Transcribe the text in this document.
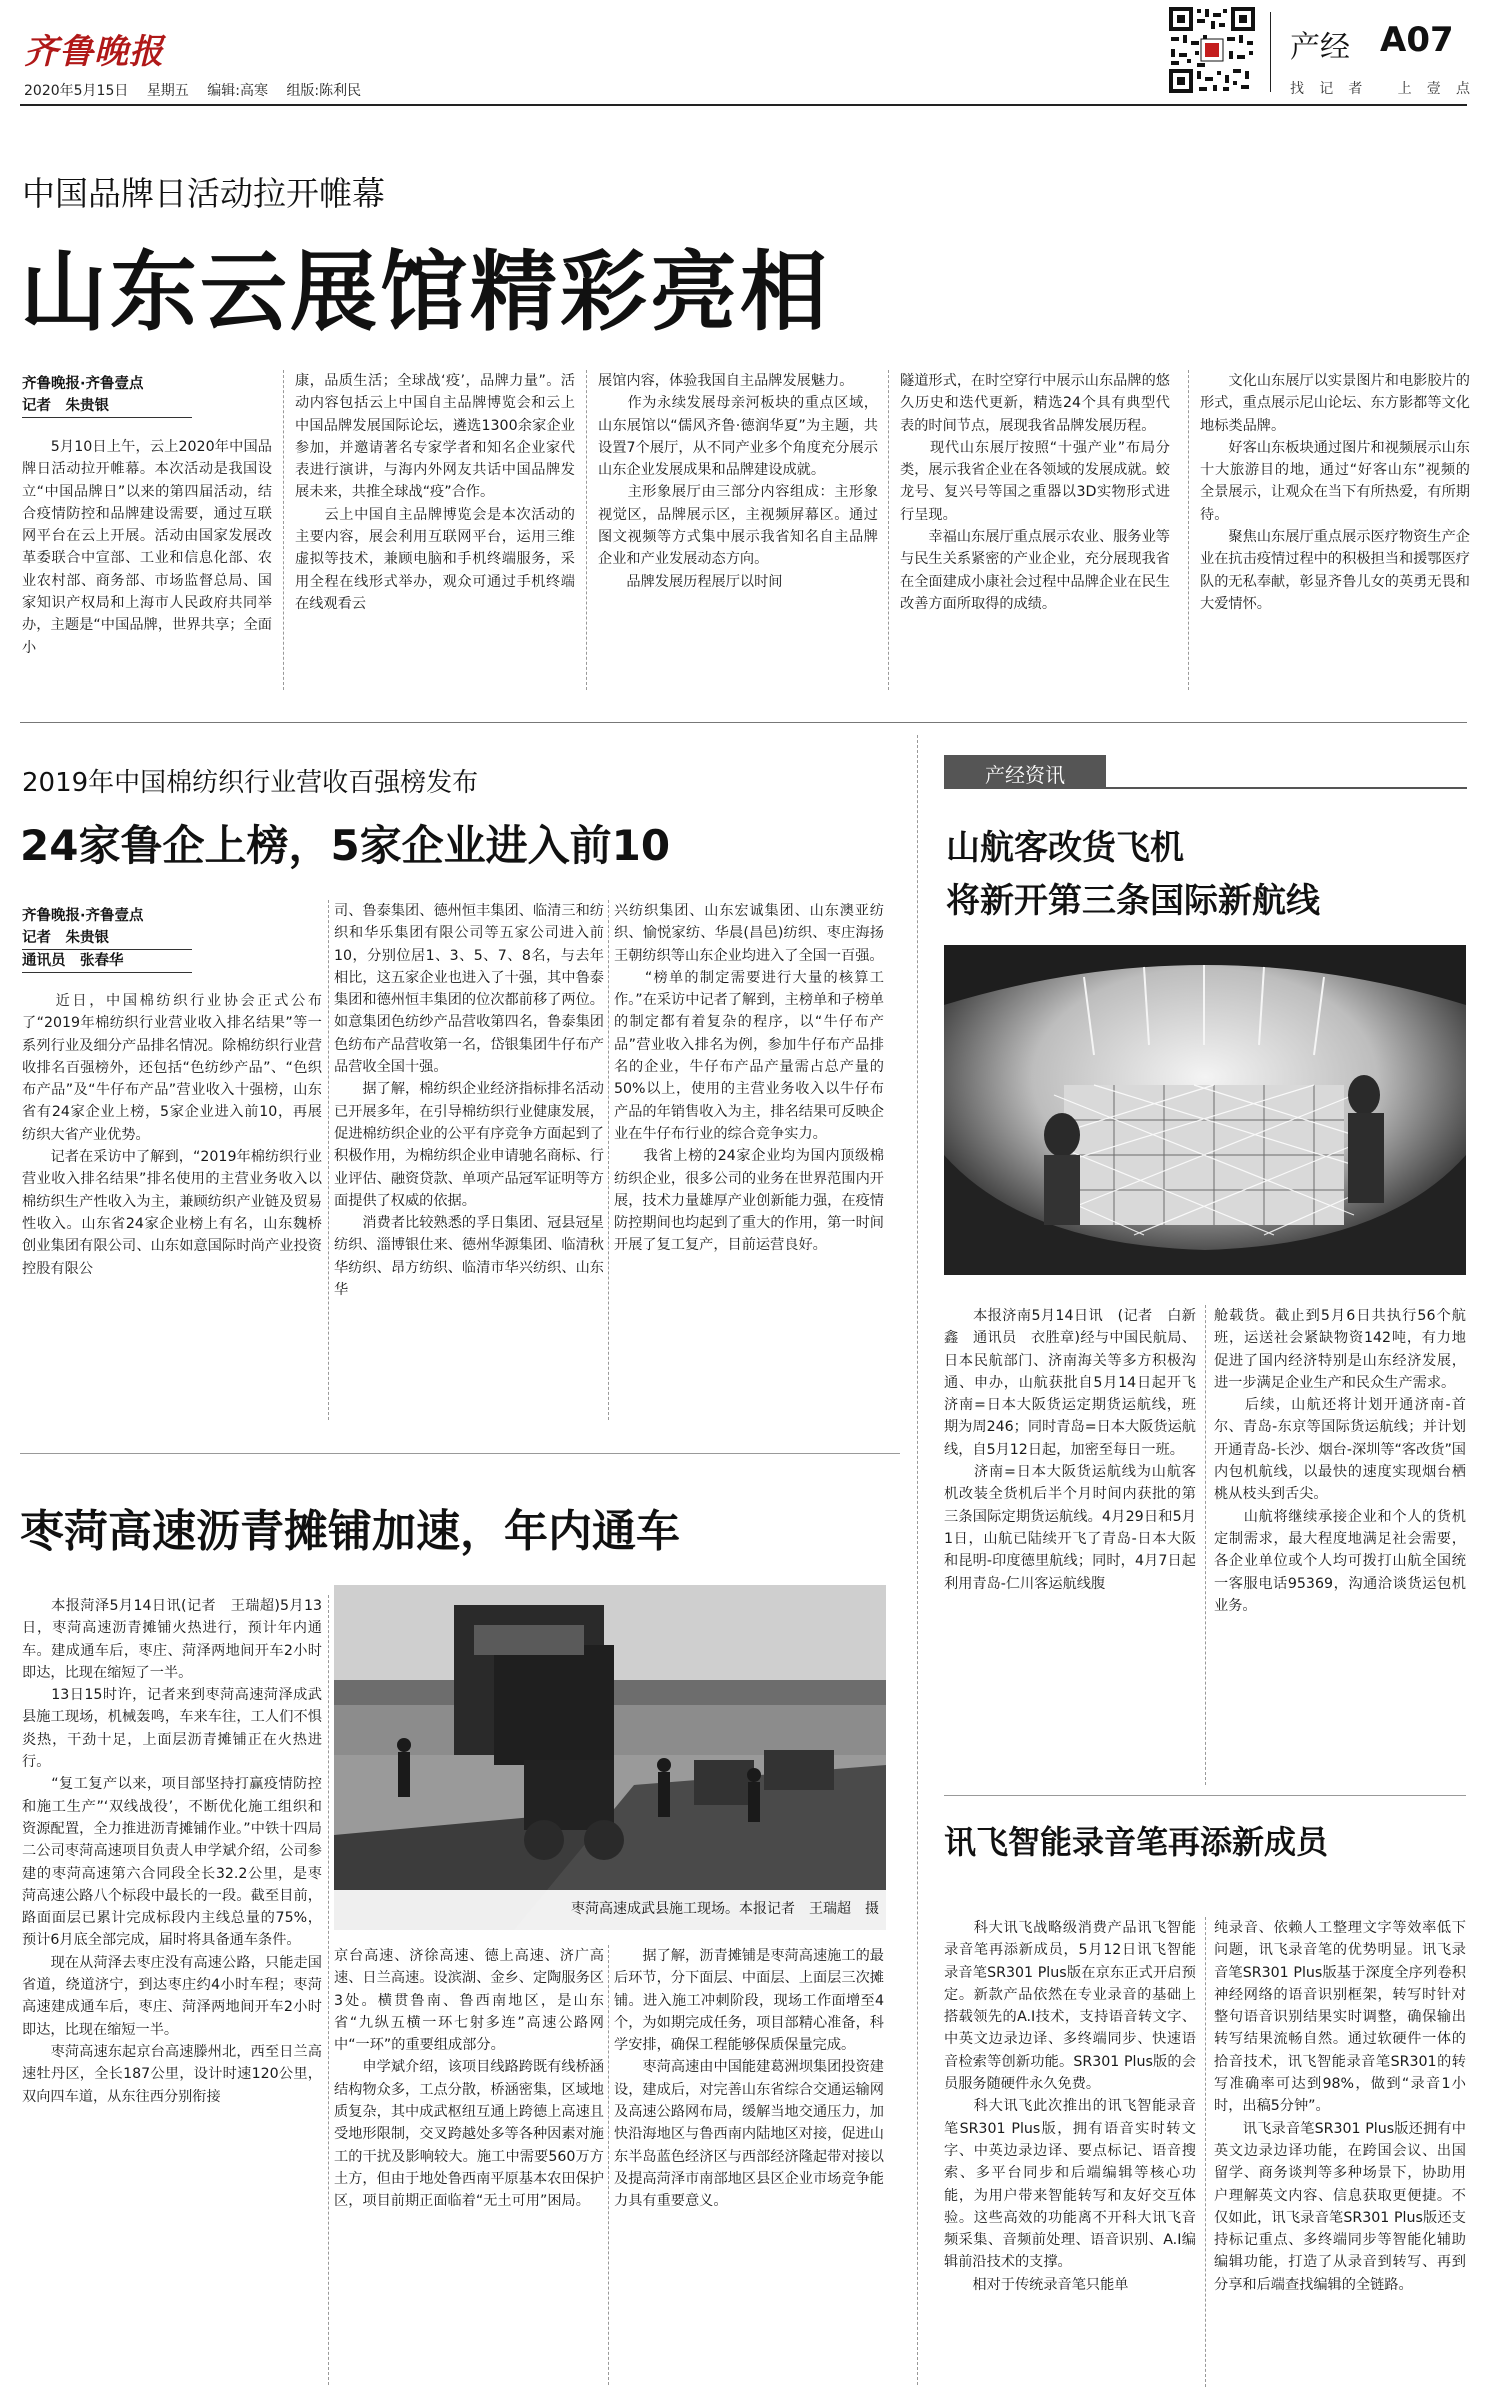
齐鲁晚报
2020年5月15日 星期五 编辑:高寒 组版:陈利民
产经 A07
找 记 者	上 壹 点
中国品牌日活动拉开帷幕
山东云展馆精彩亮相
齐鲁晚报·齐鲁壹点
记者　朱贵银
　　5月10日上午，云上2020年中国品牌日活动拉开帷幕。本次活动是我国设立“中国品牌日”以来的第四届活动，结合疫情防控和品牌建设需要，通过互联网平台在云上开展。活动由国家发展改革委联合中宣部、工业和信息化部、农业农村部、商务部、市场监督总局、国家知识产权局和上海市人民政府共同举办，主题是“中国品牌，世界共享；全面小
康，品质生活；全球战‘疫’，品牌力量”。活动内容包括云上中国自主品牌博览会和云上中国品牌发展国际论坛，遴选1300余家企业参加，并邀请著名专家学者和知名企业家代表进行演讲，与海内外网友共话中国品牌发展未来，共推全球战“疫”合作。
　　云上中国自主品牌博览会是本次活动的主要内容，展会利用互联网平台，运用三维虚拟等技术，兼顾电脑和手机终端服务，采用全程在线形式举办，观众可通过手机终端在线观看云
展馆内容，体验我国自主品牌发展魅力。
　　作为永续发展母亲河板块的重点区域，山东展馆以“儒风齐鲁·德润华夏”为主题，共设置7个展厅，从不同产业多个角度充分展示山东企业发展成果和品牌建设成就。
　　主形象展厅由三部分内容组成：主形象视觉区，品牌展示区，主视频屏幕区。通过图文视频等方式集中展示我省知名自主品牌企业和产业发展动态方向。
　　品牌发展历程展厅以时间
隧道形式，在时空穿行中展示山东品牌的悠久历史和迭代更新，精选24个具有典型代表的时间节点，展现我省品牌发展历程。
　　现代山东展厅按照“十强产业”布局分类，展示我省企业在各领域的发展成就。蛟龙号、复兴号等国之重器以3D实物形式进行呈现。
　　幸福山东展厅重点展示农业、服务业等与民生关系紧密的产业企业，充分展现我省在全面建成小康社会过程中品牌企业在民生改善方面所取得的成绩。
　　文化山东展厅以实景图片和电影胶片的形式，重点展示尼山论坛、东方影都等文化地标类品牌。
　　好客山东板块通过图片和视频展示山东十大旅游目的地，通过“好客山东”视频的全景展示，让观众在当下有所热爱，有所期待。
　　聚焦山东展厅重点展示医疗物资生产企业在抗击疫情过程中的积极担当和援鄂医疗队的无私奉献，彰显齐鲁儿女的英勇无畏和大爱情怀。
2019年中国棉纺织行业营收百强榜发布
24家鲁企上榜，5家企业进入前10
齐鲁晚报·齐鲁壹点
记者　朱贵银
通讯员　张春华
　　近日，中国棉纺织行业协会正式公布了“2019年棉纺织行业营业收入排名结果”等一系列行业及细分产品排名情况。除棉纺织行业营收排名百强榜外，还包括“色纺纱产品”、“色织布产品”及“牛仔布产品”营业收入十强榜，山东省有24家企业上榜，5家企业进入前10，再展纺织大省产业优势。
　　记者在采访中了解到，“2019年棉纺织行业营业收入排名结果”排名使用的主营业务收入以棉纺织生产性收入为主，兼顾纺织产业链及贸易性收入。山东省24家企业榜上有名，山东魏桥创业集团有限公司、山东如意国际时尚产业投资控股有限公
司、鲁泰集团、德州恒丰集团、临清三和纺织和华乐集团有限公司等五家公司进入前10，分别位居1、3、5、7、8名，与去年相比，这五家企业也进入了十强，其中鲁泰集团和德州恒丰集团的位次都前移了两位。如意集团色纺纱产品营收第四名，鲁泰集团色纺布产品营收第一名，岱银集团牛仔布产品营收全国十强。
　　据了解，棉纺织企业经济指标排名活动已开展多年，在引导棉纺织行业健康发展，促进棉纺织企业的公平有序竞争方面起到了积极作用，为棉纺织企业申请驰名商标、行业评估、融资贷款、单项产品冠军证明等方面提供了权威的依据。
　　消费者比较熟悉的孚日集团、冠县冠星纺织、淄博银仕来、德州华源集团、临清秋华纺织、昂方纺织、临清市华兴纺织、山东华
兴纺织集团、山东宏诚集团、山东澳亚纺织、愉悦家纺、华晨(昌邑)纺织、枣庄海扬王朝纺织等山东企业均进入了全国一百强。
　　“榜单的制定需要进行大量的核算工作。”在采访中记者了解到，主榜单和子榜单的制定都有着复杂的程序，以“牛仔布产品”营业收入排名为例，参加牛仔布产品排名的企业，牛仔布产品产量需占总产量的50%以上，使用的主营业务收入以牛仔布产品的年销售收入为主，排名结果可反映企业在牛仔布行业的综合竞争实力。
　　我省上榜的24家企业均为国内顶级棉纺织企业，很多公司的业务在世界范围内开展，技术力量雄厚产业创新能力强，在疫情防控期间也均起到了重大的作用，第一时间开展了复工复产，目前运营良好。
产经资讯
山航客改货飞机
将新开第三条国际新航线
　　本报济南5月14日讯　(记者　白新鑫　通讯员　衣胜章)经与中国民航局、日本民航部门、济南海关等多方积极沟通、申办，山航获批自5月14日起开飞济南=日本大阪货运定期货运航线，班期为周246；同时青岛=日本大阪货运航线，自5月12日起，加密至每日一班。
　　济南=日本大阪货运航线为山航客机改装全货机后半个月时间内获批的第三条国际定期货运航线。4月29日和5月1日，山航已陆续开飞了青岛-日本大阪和昆明-印度德里航线；同时，4月7日起利用青岛-仁川客运航线腹
舱载货。截止到5月6日共执行56个航班，运送社会紧缺物资142吨，有力地促进了国内经济特别是山东经济发展，进一步满足企业生产和民众生产需求。
　　后续，山航还将计划开通济南-首尔、青岛-东京等国际货运航线；并计划开通青岛-长沙、烟台-深圳等“客改货”国内包机航线，以最快的速度实现烟台栖桃从枝头到舌尖。
　　山航将继续承接企业和个人的货机定制需求，最大程度地满足社会需要，各企业单位或个人均可拨打山航全国统一客服电话95369，沟通洽谈货运包机业务。
讯飞智能录音笔再添新成员
　　科大讯飞战略级消费产品讯飞智能录音笔再添新成员，5月12日讯飞智能录音笔SR301 Plus版在京东正式开启预定。新款产品依然在专业录音的基础上搭载领先的A.I技术，支持语音转文字、中英文边录边译、多终端同步、快速语音检索等创新功能。SR301 Plus版的会员服务随硬件永久免费。
　　科大讯飞此次推出的讯飞智能录音笔SR301 Plus版，拥有语音实时转文字、中英边录边译、要点标记、语音搜索、多平台同步和后端编辑等核心功能，为用户带来智能转写和友好交互体验。这些高效的功能离不开科大讯飞音频采集、音频前处理、语音识别、A.I编辑前沿技术的支撑。
　　相对于传统录音笔只能单
纯录音、依赖人工整理文字等效率低下问题，讯飞录音笔的优势明显。讯飞录音笔SR301 Plus版基于深度全序列卷积神经网络的语音识别框架，转写时针对整句语音识别结果实时调整，确保输出转写结果流畅自然。通过软硬件一体的拾音技术，讯飞智能录音笔SR301的转写准确率可达到98%，做到“录音1小时，出稿5分钟”。
　　讯飞录音笔SR301 Plus版还拥有中英文边录边译功能，在跨国会议、出国留学、商务谈判等多种场景下，协助用户理解英文内容、信息获取更便捷。不仅如此，讯飞录音笔SR301 Plus版还支持标记重点、多终端同步等智能化辅助编辑功能，打造了从录音到转写、再到分享和后端查找编辑的全链路。
枣菏高速沥青摊铺加速，年内通车
　　本报菏泽5月14日讯(记者　王瑞超)5月13日，枣菏高速沥青摊铺火热进行，预计年内通车。建成通车后，枣庄、菏泽两地间开车2小时即达，比现在缩短了一半。
　　13日15时许，记者来到枣菏高速菏泽成武县施工现场，机械轰鸣，车来车往，工人们不惧炎热，干劲十足，上面层沥青摊铺正在火热进行。
　　“复工复产以来，项目部坚持打赢疫情防控和施工生产”‘双线战役’，不断优化施工组织和资源配置，全力推进沥青摊铺作业。”中铁十四局二公司枣菏高速项目负责人申学斌介绍，公司参建的枣菏高速第六合同段全长32.2公里，是枣菏高速公路八个标段中最长的一段。截至目前，路面面层已累计完成标段内主线总量的75%，预计6月底全部完成，届时将具备通车条件。
　　现在从菏泽去枣庄没有高速公路，只能走国省道，绕道济宁，到达枣庄约4小时车程；枣菏高速建成通车后，枣庄、菏泽两地间开车2小时即达，比现在缩短一半。
　　枣菏高速东起京台高速滕州北，西至日兰高速牡丹区，全长187公里，设计时速120公里，双向四车道，从东往西分别衔接
枣菏高速成武县施工现场。本报记者　王瑞超　摄
京台高速、济徐高速、德上高速、济广高速、日兰高速。设滨湖、金乡、定陶服务区3处。横贯鲁南、鲁西南地区，是山东省“九纵五横一环七射多连”高速公路网中“一环”的重要组成部分。
　　申学斌介绍，该项目线路跨既有线桥涵结构物众多，工点分散，桥涵密集，区域地质复杂，其中成武枢纽互通上跨德上高速且受地形限制，交叉跨越处多等各种因素对施工的干扰及影响较大。施工中需要560万方土方，但由于地处鲁西南平原基本农田保护区，项目前期正面临着“无土可用”困局。
　　据了解，沥青摊铺是枣菏高速施工的最后环节，分下面层、中面层、上面层三次摊铺。进入施工冲刺阶段，现场工作面增至4个，为如期完成任务，项目部精心准备，科学安排，确保工程能够保质保量完成。
　　枣菏高速由中国能建葛洲坝集团投资建设，建成后，对完善山东省综合交通运输网及高速公路网布局，缓解当地交通压力，加快沿海地区与鲁西南内陆地区对接，促进山东半岛蓝色经济区与西部经济隆起带对接以及提高菏泽市南部地区县区企业市场竞争能力具有重要意义。
